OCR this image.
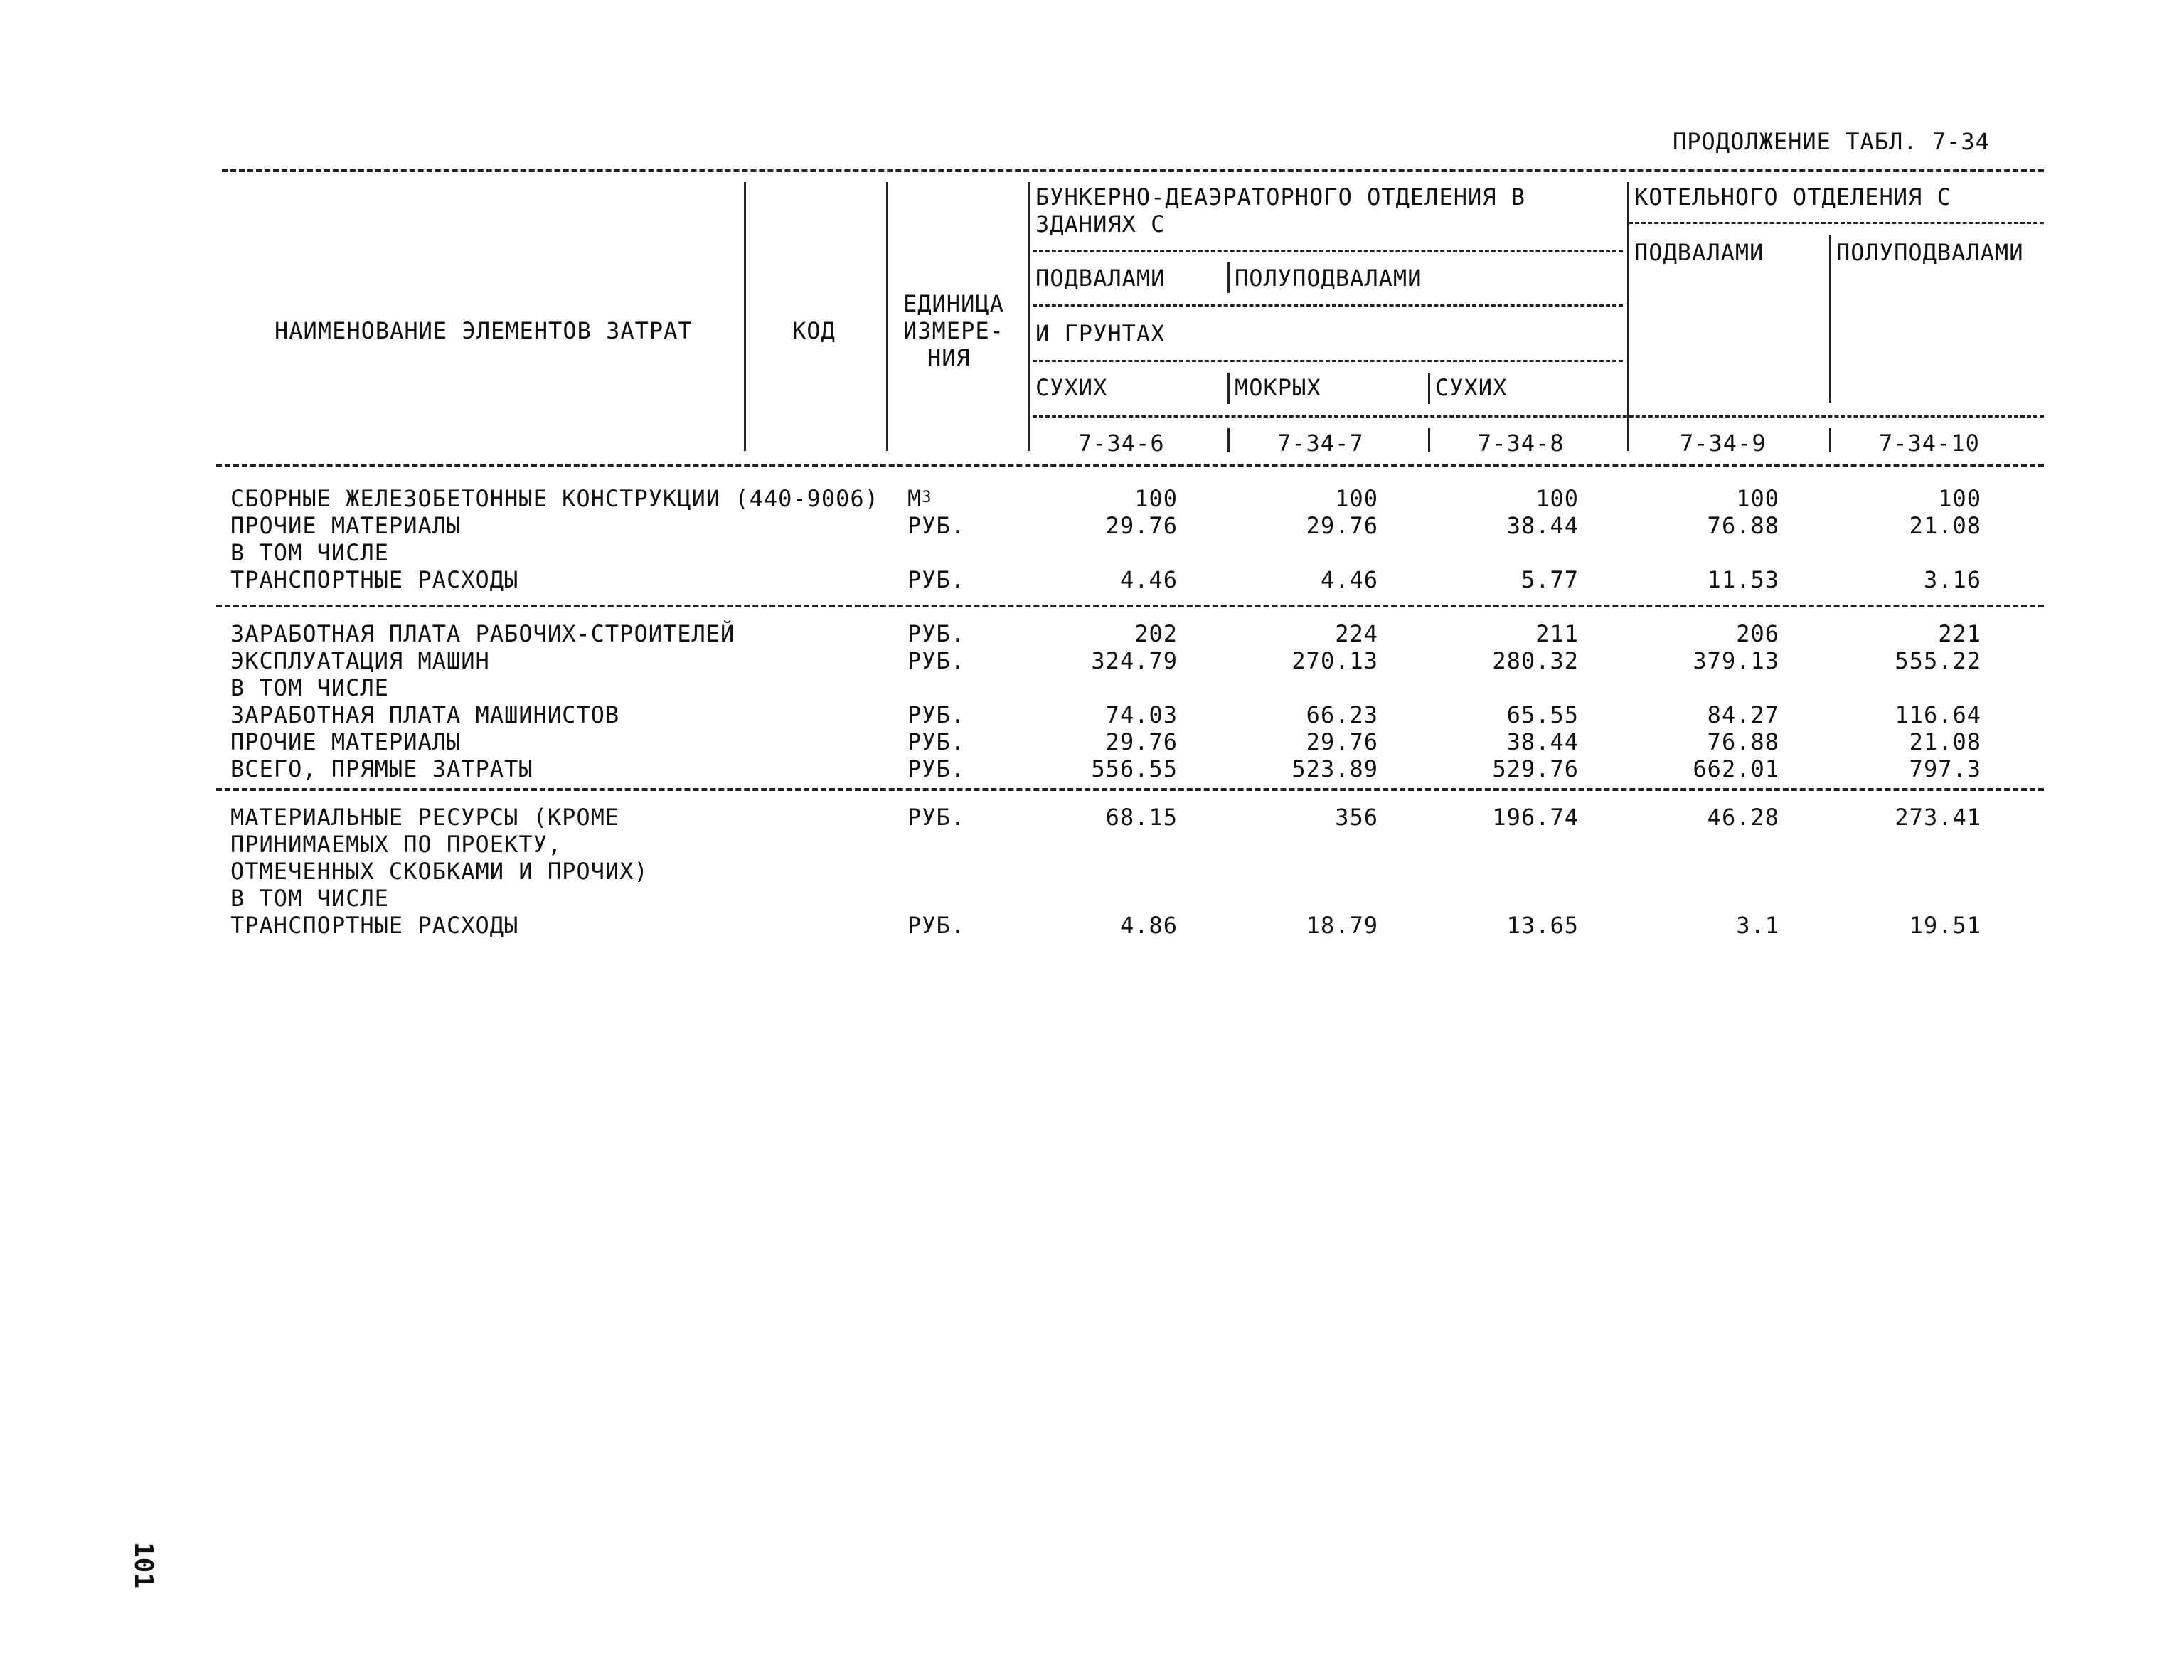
ПРОДОЛЖЕНИЕ ТАБЛ. 7-34
НАИМЕНОВАНИЕ ЭЛЕМЕНТОВ ЗАТРАТ	КОД
ЕДИНИЦА
ИЗМЕРЕ-
НИЯ
БУНКЕРНО-ДЕАЭРАТОРНОГО ОТДЕЛЕНИЯ В
ЗДАНИЯХ С
КОТЕЛЬНОГО ОТДЕЛЕНИЯ С
ПОДВАЛАМИ	ПОЛУПОДВАЛАМИ
И ГРУНТАХ
СУХИХ	МОКРЫХ	СУХИХ
ПОДВАЛАМИ	ПОЛУПОДВАЛАМИ
7-34-6	7-34-7	7-34-8	7-34-9	7-34-10
СБОРНЫЕ ЖЕЛЕЗОБЕТОННЫЕ КОНСТРУКЦИИ (440-9006) $М^3$	100	100	100	100	100
ПРОЧИЕ МАТЕРИАЛЫ	РУБ.	29.76	29.76	38.44	76.88	21.08
В ТОМ ЧИСЛЕ
ТРАНСПОРТНЫЕ РАСХОДЫ	РУБ.	4.46	4.46	5.77	11.53	3.16
ЗАРАБОТНАЯ ПЛАТА РАБОЧИХ-СТРОИТЕЛЕЙ	РУБ.	202	224	211	206	221
ЭКСПЛУАТАЦИЯ МАШИН	РУБ.	324.79	270.13	280.32	379.13	555.22
В ТОМ ЧИСЛЕ
ЗАРАБОТНАЯ ПЛАТА МАШИНИСТОВ	РУБ.	74.03	66.23	65.55	84.27	116.64
ПРОЧИЕ МАТЕРИАЛЫ	РУБ.	29.76	29.76	38.44	76.88	21.08
ВСЕГО, ПРЯМЫЕ ЗАТРАТЫ	РУБ.	556.55	523.89	529.76	662.01	797.3
МАТЕРИАЛЬНЫЕ РЕСУРСЫ (КРОМЕ	РУБ.	68.15	356	196.74	46.28	273.41
ПРИНИМАЕМЫХ ПО ПРОЕКТУ,
ОТМЕЧЕННЫХ СКОБКАМИ И ПРОЧИХ)
В ТОМ ЧИСЛЕ
ТРАНСПОРТНЫЕ РАСХОДЫ	РУБ.	4.86	18.79	13.65	3.1	19.51
101
